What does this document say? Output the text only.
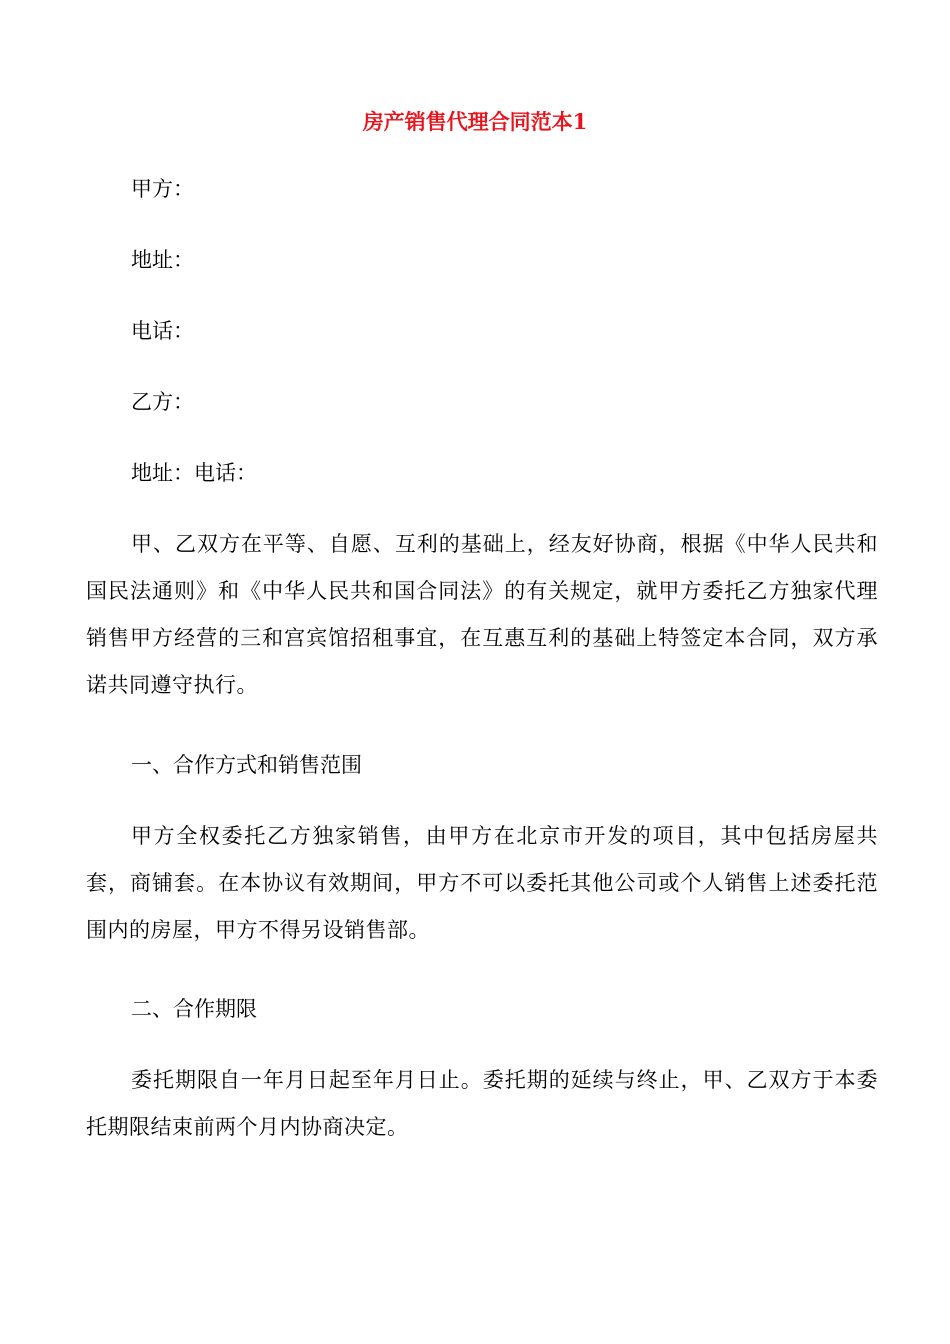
房产销售代理合同范本1
甲方：
地址：
电话：
乙方：
地址：电话：
甲、乙双方在平等、自愿、互利的基础上，经友好协商，根据《中华人民共和国民法通则》和《中华人民共和国合同法》的有关规定，就甲方委托乙方独家代理销售甲方经营的三和宫宾馆招租事宜，在互惠互利的基础上特签定本合同，双方承诺共同遵守执行。
一、合作方式和销售范围
甲方全权委托乙方独家销售，由甲方在北京市开发的项目，其中包括房屋共套，商铺套。在本协议有效期间，甲方不可以委托其他公司或个人销售上述委托范围内的房屋，甲方不得另设销售部。
二、合作期限
委托期限自一年月日起至年月日止。委托期的延续与终止，甲、乙双方于本委托期限结束前两个月内协商决定。
